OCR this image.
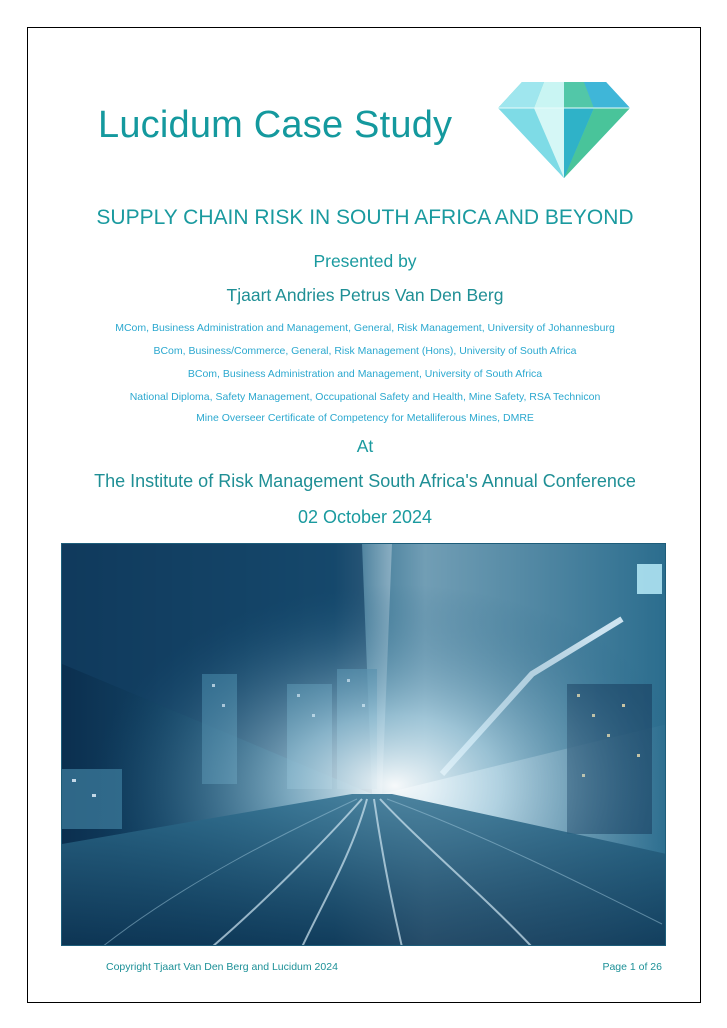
Lucidum Case Study
SUPPLY CHAIN RISK IN SOUTH AFRICA AND BEYOND
Presented by
Tjaart Andries Petrus Van Den Berg
MCom, Business Administration and Management, General, Risk Management, University of Johannesburg
BCom, Business/Commerce, General, Risk Management (Hons), University of South Africa
BCom, Business Administration and Management, University of South Africa
National Diploma, Safety Management, Occupational Safety and Health, Mine Safety, RSA Technicon
Mine Overseer Certificate of Competency for Metalliferous Mines, DMRE
At
The Institute of Risk Management South Africa's Annual Conference
02 October 2024
Copyright Tjaart Van Den Berg and Lucidum 2024	Page 1 of 26
